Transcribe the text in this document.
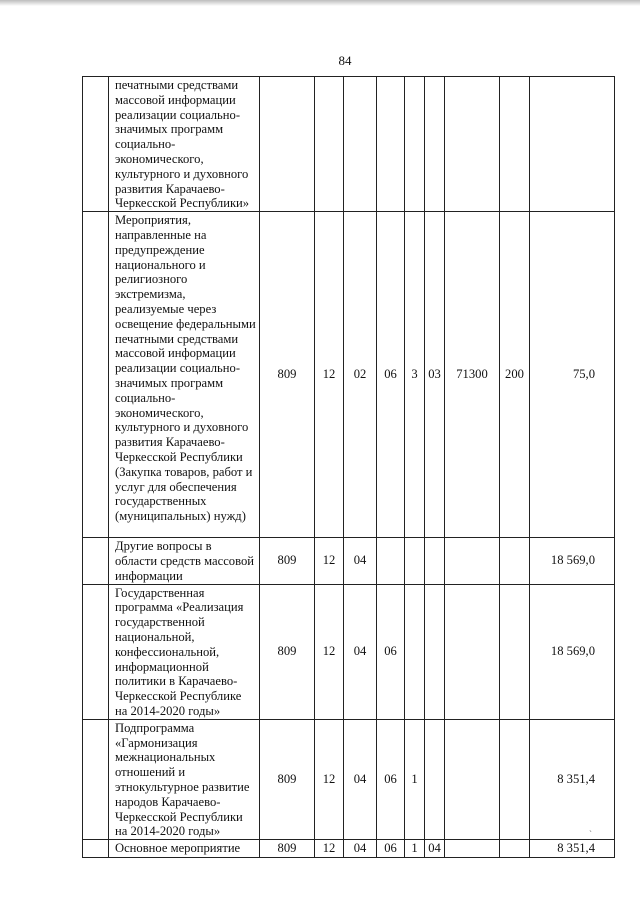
84
	печатными средствами массовой информации реализации социально-значимых программ социально-экономического, культурного и духовного развития Карачаево-Черкесской Республики»									
	Мероприятия, направленные на предупреждение национального и религиозного экстремизма, реализуемые через освещение федеральными печатными средствами массовой информации реализации социально-значимых программ социально-экономического, культурного и духовного развития Карачаево-Черкесской Республики (Закупка товаров, работ и услуг для обеспечения государственных (муниципальных) нужд)	809	12	02	06	3	03	71300	200	75,0
	Другие вопросы в области средств массовой информации	809	12	04						18 569,0
	Государственная программа «Реализация государственной национальной, конфессиональной, информационной политики в Карачаево-Черкесской Республике на 2014-2020 годы»	809	12	04	06					18 569,0
	Подпрограмма «Гармонизация межнациональных отношений и этнокультурное развитие народов Карачаево-Черкесской Республики на 2014-2020 годы»	809	12	04	06	1				8 351,4
	Основное мероприятие	809	12	04	06	1	04			8 351,4
ˎ
